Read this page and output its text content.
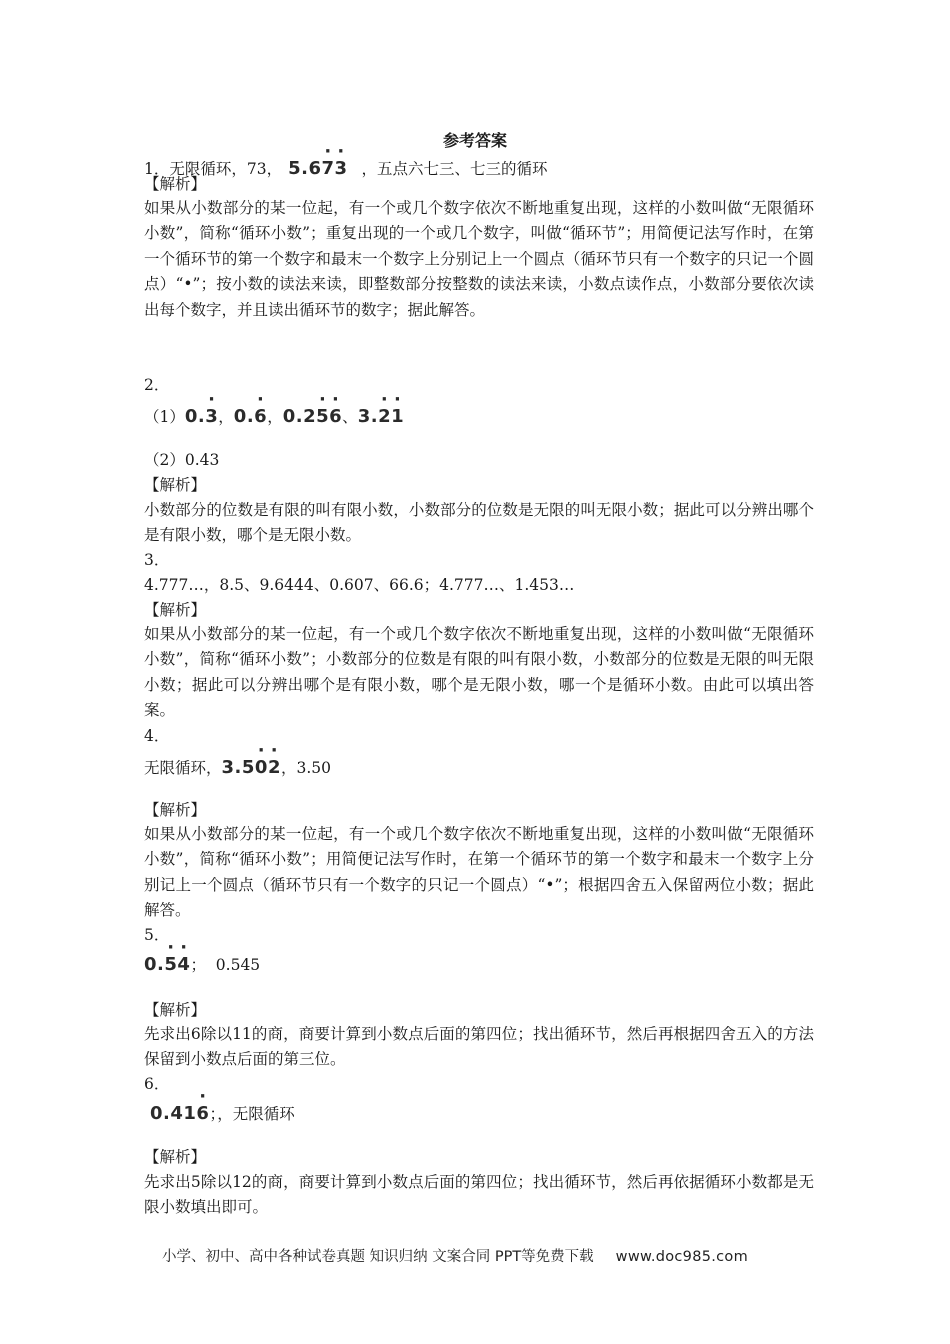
参考答案
1．无限循环，73， 5.6· 7· 3 ，五点六七三、七三的循环
【解析】
如果从小数部分的某一位起，有一个或几个数字依次不断地重复出现，这样的小数叫做“无限循环小数”，简称“循环小数”；重复出现的一个或几个数字，叫做“循环节”；用简便记法写作时，在第一个循环节的第一个数字和最末一个数字上分别记上一个圆点（循环节只有一个数字的只记一个圆点）“•”；按小数的读法来读，即整数部分按整数的读法来读，小数点读作点，小数部分要依次读出每个数字，并且读出循环节的数字；据此解答。
2．
（1）0.· 3，0.· 6，0.2· 5· 6、3.· 2· 1
（2）0.43
【解析】
小数部分的位数是有限的叫有限小数，小数部分的位数是无限的叫无限小数；据此可以分辨出哪个是有限小数，哪个是无限小数。
3．
4.777…，8.5、9.6444、0.607、66.6；4.777…、1.453…
【解析】
如果从小数部分的某一位起，有一个或几个数字依次不断地重复出现，这样的小数叫做“无限循环小数”，简称“循环小数”；小数部分的位数是有限的叫有限小数，小数部分的位数是无限的叫无限小数；据此可以分辨出哪个是有限小数，哪个是无限小数，哪一个是循环小数。由此可以填出答案。
4．
无限循环，3.5· 0· 2，3.50
【解析】
如果从小数部分的某一位起，有一个或几个数字依次不断地重复出现，这样的小数叫做“无限循环小数”，简称“循环小数”；用简便记法写作时，在第一个循环节的第一个数字和最末一个数字上分别记上一个圆点（循环节只有一个数字的只记一个圆点）“•”；根据四舍五入保留两位小数；据此解答。
5．
0.· 5· 4；  0.545
【解析】
先求出6除以11的商，商要计算到小数点后面的第四位；找出循环节，然后再根据四舍五入的方法保留到小数点后面的第三位。
6．
0.41· 6；，无限循环
【解析】
先求出5除以12的商，商要计算到小数点后面的第四位；找出循环节，然后再依据循环小数都是无限小数填出即可。
小学、初中、高中各种试卷真题 知识归纳 文案合同 PPT等免费下载 www.doc985.com
